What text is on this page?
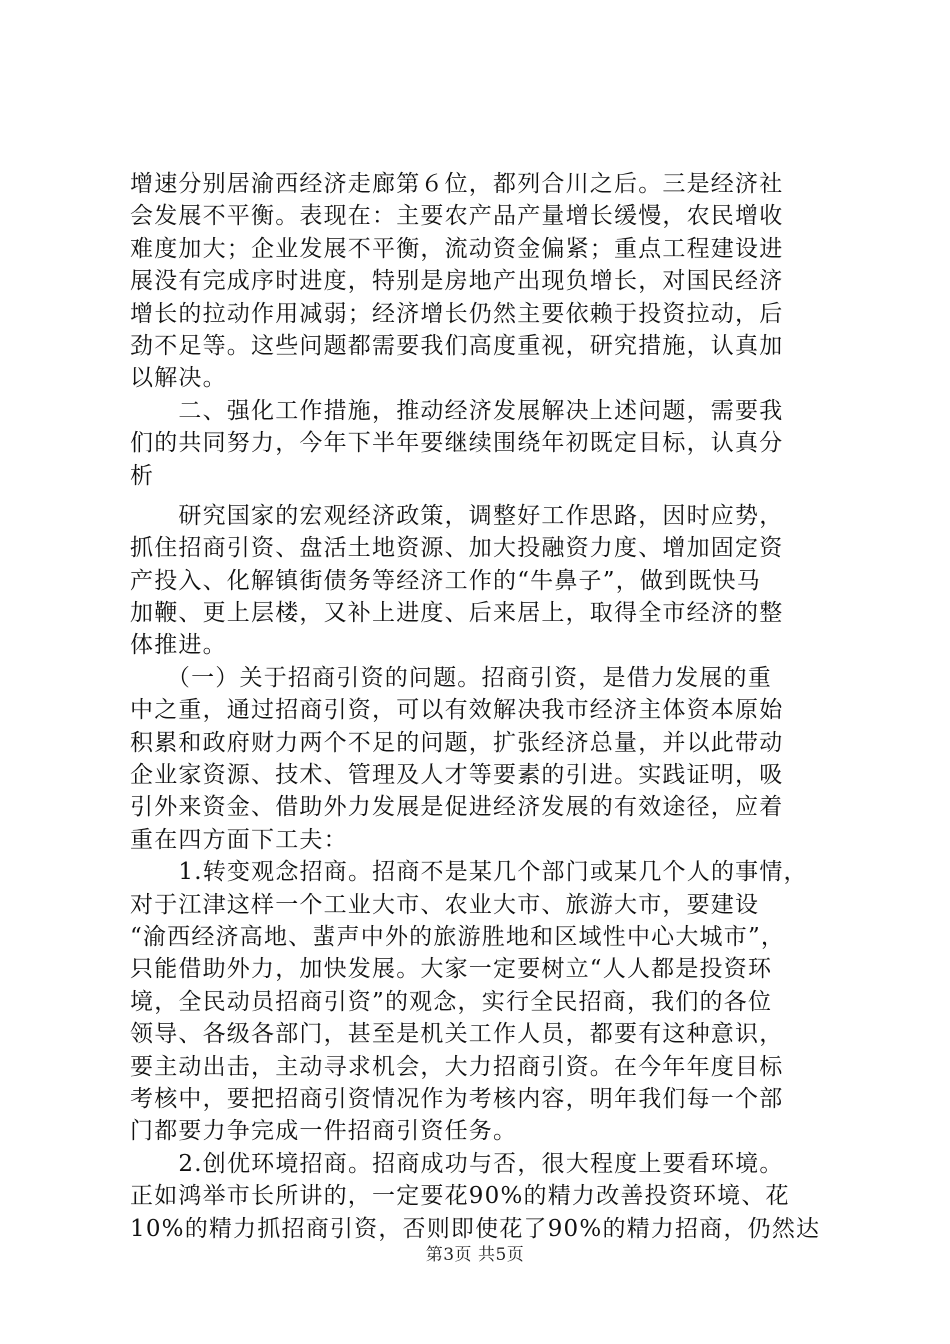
增速分别居渝西经济走廊第６位，都列合川之后。三是经济社
会发展不平衡。表现在：主要农产品产量增长缓慢，农民增收
难度加大；企业发展不平衡，流动资金偏紧；重点工程建设进
展没有完成序时进度，特别是房地产出现负增长，对国民经济
增长的拉动作用减弱；经济增长仍然主要依赖于投资拉动，后
劲不足等。这些问题都需要我们高度重视，研究措施，认真加
以解决。
　　二、强化工作措施，推动经济发展解决上述问题，需要我
们的共同努力，今年下半年要继续围绕年初既定目标，认真分
析
　　研究国家的宏观经济政策，调整好工作思路，因时应势，
抓住招商引资、盘活土地资源、加大投融资力度、增加固定资
产投入、化解镇街债务等经济工作的“牛鼻子”，做到既快马
加鞭、更上层楼，又补上进度、后来居上，取得全市经济的整
体推进。
　　（一）关于招商引资的问题。招商引资，是借力发展的重
中之重，通过招商引资，可以有效解决我市经济主体资本原始
积累和政府财力两个不足的问题，扩张经济总量，并以此带动
企业家资源、技术、管理及人才等要素的引进。实践证明，吸
引外来资金、借助外力发展是促进经济发展的有效途径，应着
重在四方面下工夫：
　　1.转变观念招商。招商不是某几个部门或某几个人的事情，
对于江津这样一个工业大市、农业大市、旅游大市，要建设
“渝西经济高地、蜚声中外的旅游胜地和区域性中心大城市”，
只能借助外力，加快发展。大家一定要树立“人人都是投资环
境，全民动员招商引资”的观念，实行全民招商，我们的各位
领导、各级各部门，甚至是机关工作人员，都要有这种意识，
要主动出击，主动寻求机会，大力招商引资。在今年年度目标
考核中，要把招商引资情况作为考核内容，明年我们每一个部
门都要力争完成一件招商引资任务。
　　2.创优环境招商。招商成功与否，很大程度上要看环境。
正如鸿举市长所讲的，一定要花90%的精力改善投资环境、花
10%的精力抓招商引资，否则即使花了90%的精力招商，仍然达
第3页 共5页
